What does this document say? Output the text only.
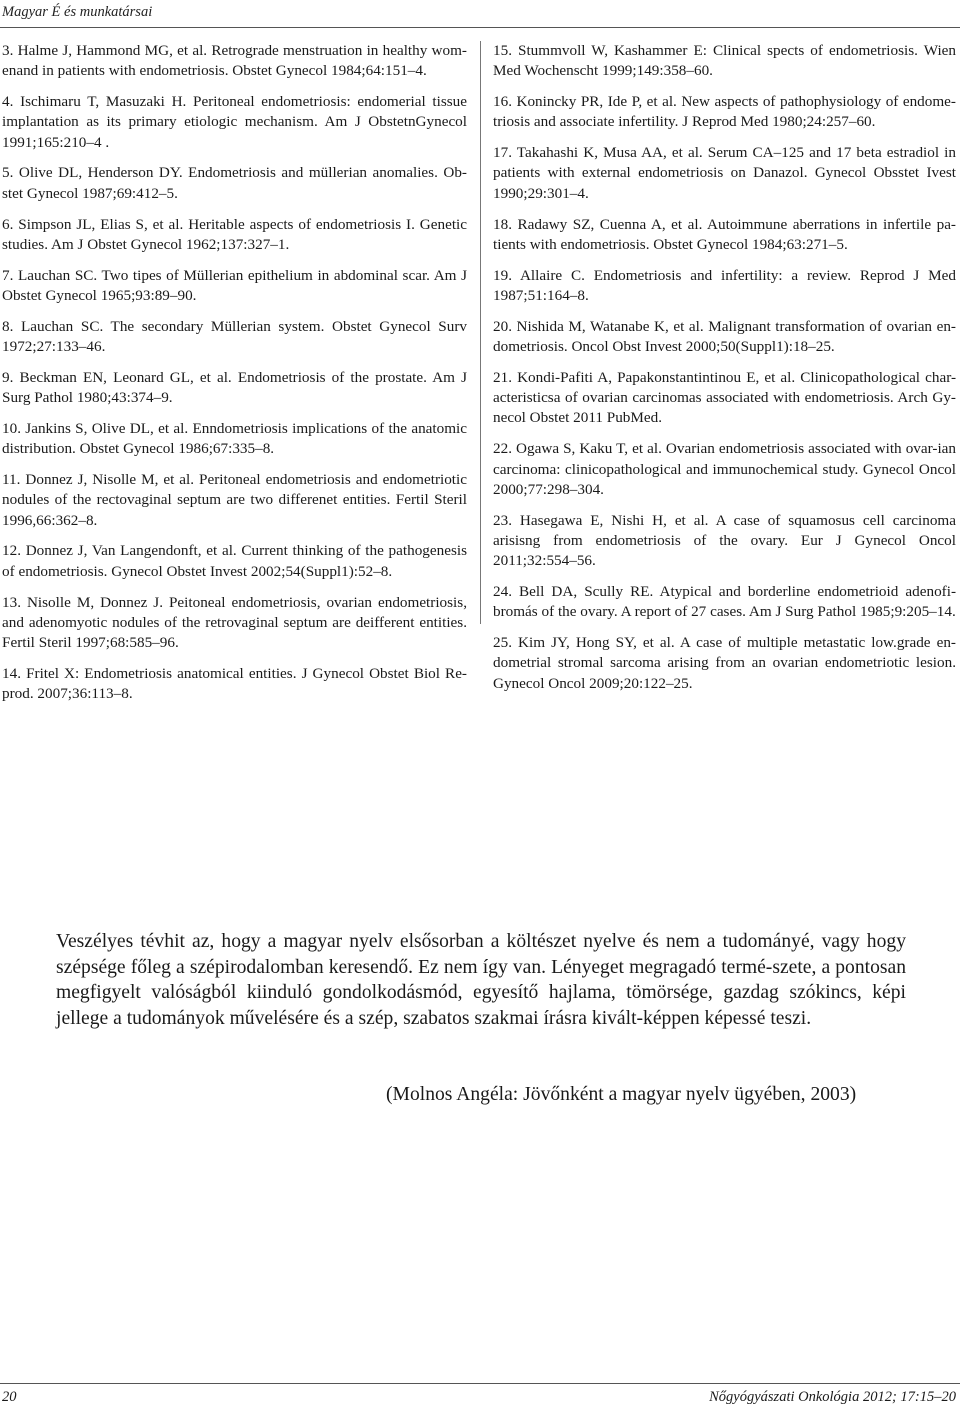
Magyar É és munkatársai

3. Halme J, Hammond MG, et al. Retrograde menstruation in healthy wom-enand in patients with endometriosis. Obstet Gynecol 1984;64:151–4.

4. Ischimaru T, Masuzaki H. Peritoneal endometriosis: endomerial tissue implantation as its primary etiologic mechanism. Am J ObstetnGynecol 1991;165:210–4 .

5. Olive DL, Henderson DY. Endometriosis and müllerian anomalies. Ob-stet Gynecol 1987;69:412–5.

6. Simpson JL, Elias S, et al. Heritable aspects of endometriosis I. Genetic studies. Am J Obstet Gynecol 1962;137:327–1.

7. Lauchan SC. Two tipes of Müllerian epithelium in abdominal scar. Am J Obstet Gynecol 1965;93:89–90.

8. Lauchan SC. The secondary Müllerian system. Obstet Gynecol Surv 1972;27:133–46.

9. Beckman EN, Leonard GL, et al. Endometriosis of the prostate. Am J Surg Pathol 1980;43:374–9.

10. Jankins S, Olive DL, et al. Enndometriosis implications of the anatomic distribution. Obstet Gynecol 1986;67:335–8.

11. Donnez J, Nisolle M, et al. Peritoneal endometriosis and endometriotic nodules of the rectovaginal septum are two differenet entities. Fertil Steril 1996,66:362–8.

12. Donnez J, Van Langendonft, et al. Current thinking of the pathogenesis of endometriosis. Gynecol Obstet Invest 2002;54(Suppl1):52–8.

13. Nisolle M, Donnez J. Peitoneal endometriosis, ovarian endometriosis, and adenomyotic nodules of the retrovaginal septum are deifferent entities. Fertil Steril 1997;68:585–96.

14. Fritel X: Endometriosis anatomical entities. J Gynecol Obstet Biol Re-prod. 2007;36:113–8.

15. Stummvoll W, Kashammer E: Clinical spects of endometriosis. Wien Med Wochenscht 1999;149:358–60.

16. Konincky PR, Ide P, et al. New aspects of pathophysiology of endome-triosis and associate infertility. J Reprod Med 1980;24:257–60.

17. Takahashi K, Musa AA, et al. Serum CA–125 and 17 beta estradiol in patients with external endometriosis on Danazol. Gynecol Obsstet Ivest 1990;29:301–4.

18. Radawy SZ, Cuenna A, et al. Autoimmune aberrations in infertile pa-tients with endometriosis. Obstet Gynecol 1984;63:271–5.

19. Allaire C. Endometriosis and infertility: a review. Reprod J Med 1987;51:164–8.

20. Nishida M, Watanabe K, et al. Malignant transformation of ovarian en-dometriosis. Oncol Obst Invest 2000;50(Suppl1):18–25.

21. Kondi-Pafiti A, Papakonstantintinou E, et al. Clinicopathological char-acteristicsa of ovarian carcinomas associated with endometriosis. Arch Gy-necol Obstet 2011 PubMed.

22. Ogawa S, Kaku T, et al. Ovarian endometriosis associated with ovar-ian carcinoma: clinicopathological and immunochemical study. Gynecol Oncol 2000;77:298–304.

23. Hasegawa E, Nishi H, et al. A case of squamosus cell carcinoma arisisng from endometriosis of the ovary. Eur J Gynecol Oncol 2011;32:554–56.

24. Bell DA, Scully RE. Atypical and borderline endometrioid adenofi-bromás of the ovary. A report of 27 cases. Am J Surg Pathol 1985;9:205–14.

25. Kim JY, Hong SY, et al. A case of multiple metastatic low.grade en-dometrial stromal sarcoma arising from an ovarian endometriotic lesion. Gynecol Oncol 2009;20:122–25.

Veszélyes tévhit az, hogy a magyar nyelv elsősorban a költészet nyelve és nem a tudományé, vagy hogy szépsége főleg a szépirodalomban keresendő. Ez nem így van. Lényeget megragadó termé-szete, a pontosan megfigyelt valóságból kiinduló gondolkodásmód, egyesítő hajlama, tömörsége, gazdag szókincs, képi jellege a tudományok művelésére és a szép, szabatos szakmai írásra kivált-képpen képessé teszi.
(Molnos Angéla: Jövőnként a magyar nyelv ügyében, 2003)
20	Nőgyógyászati Onkológia 2012; 17:15–20
